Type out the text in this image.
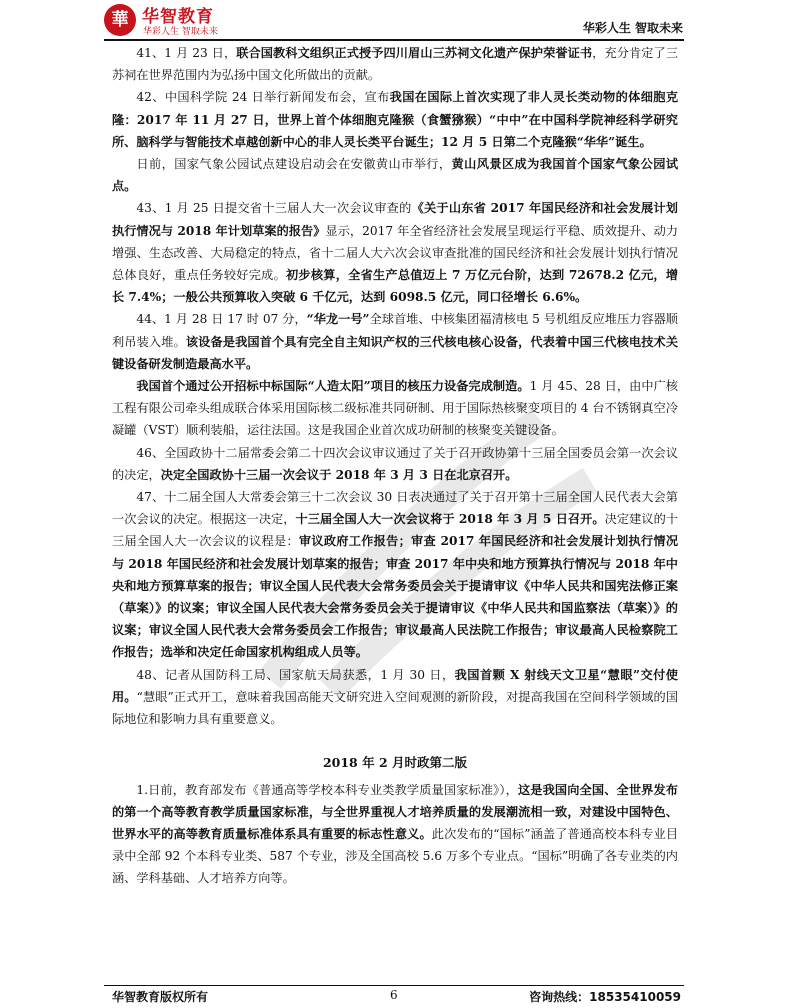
華 华智教育
华彩人生 智取未来	华彩人生 智取未来

41、1 月 23 日，联合国教科文组织正式授予四川眉山三苏祠文化遗产保护荣誉证书，充分肯定了三苏祠在世界范围内为弘扬中国文化所做出的贡献。

42、中国科学院 24 日举行新闻发布会，宣布我国在国际上首次实现了非人灵长类动物的体细胞克隆：2017 年 11 月 27 日，世界上首个体细胞克隆猴（食蟹猕猴）“中中”在中国科学院神经科学研究所、脑科学与智能技术卓越创新中心的非人灵长类平台诞生；12 月 5 日第二个克隆猴“华华”诞生。

日前，国家气象公园试点建设启动会在安徽黄山市举行，黄山风景区成为我国首个国家气象公园试点。

43、1 月 25 日提交省十三届人大一次会议审查的《关于山东省 2017 年国民经济和社会发展计划执行情况与 2018 年计划草案的报告》显示，2017 年全省经济社会发展呈现运行平稳、质效提升、动力增强、生态改善、大局稳定的特点，省十二届人大六次会议审查批准的国民经济和社会发展计划执行情况总体良好，重点任务较好完成。初步核算，全省生产总值迈上 7 万亿元台阶，达到 72678.2 亿元，增长 7.4%；一般公共预算收入突破 6 千亿元，达到 6098.5 亿元，同口径增长 6.6%。

44、1 月 28 日 17 时 07 分，“华龙一号”全球首堆、中核集团福清核电 5 号机组反应堆压力容器顺利吊装入堆。该设备是我国首个具有完全自主知识产权的三代核电核心设备，代表着中国三代核电技术关键设备研发制造最高水平。

我国首个通过公开招标中标国际“人造太阳”项目的核压力设备完成制造。1 月 45、28 日，由中广核工程有限公司牵头组成联合体采用国际核二级标准共同研制、用于国际热核聚变项目的 4 台不锈钢真空冷凝罐（VST）顺利装船，运往法国。这是我国企业首次成功研制的核聚变关键设备。

46、全国政协十二届常委会第二十四次会议审议通过了关于召开政协第十三届全国委员会第一次会议的决定，决定全国政协十三届一次会议于 2018 年 3 月 3 日在北京召开。

47、十二届全国人大常委会第三十二次会议 30 日表决通过了关于召开第十三届全国人民代表大会第一次会议的决定。根据这一决定，十三届全国人大一次会议将于 2018 年 3 月 5 日召开。决定建议的十三届全国人大一次会议的议程是：审议政府工作报告；审查 2017 年国民经济和社会发展计划执行情况与 2018 年国民经济和社会发展计划草案的报告；审查 2017 年中央和地方预算执行情况与 2018 年中央和地方预算草案的报告；审议全国人民代表大会常务委员会关于提请审议《中华人民共和国宪法修正案（草案）》的议案；审议全国人民代表大会常务委员会关于提请审议《中华人民共和国监察法（草案）》的议案；审议全国人民代表大会常务委员会工作报告；审议最高人民法院工作报告；审议最高人民检察院工作报告；选举和决定任命国家机构组成人员等。

48、记者从国防科工局、国家航天局获悉，1 月 30 日，我国首颗 X 射线天文卫星“慧眼”交付使用。“慧眼”正式开工，意味着我国高能天文研究进入空间观测的新阶段，对提高我国在空间科学领域的国际地位和影响力具有重要意义。

2018 年 2 月时政第二版

1.日前，教育部发布《普通高等学校本科专业类教学质量国家标准》），这是我国向全国、全世界发布的第一个高等教育教学质量国家标准，与全世界重视人才培养质量的发展潮流相一致，对建设中国特色、世界水平的高等教育质量标准体系具有重要的标志性意义。此次发布的“国标”涵盖了普通高校本科专业目录中全部 92 个本科专业类、587 个专业，涉及全国高校 5.6 万多个专业点。“国标”明确了各专业类的内涵、学科基础、人才培养方向等。

华智教育版权所有	6	咨询热线：18535410059
